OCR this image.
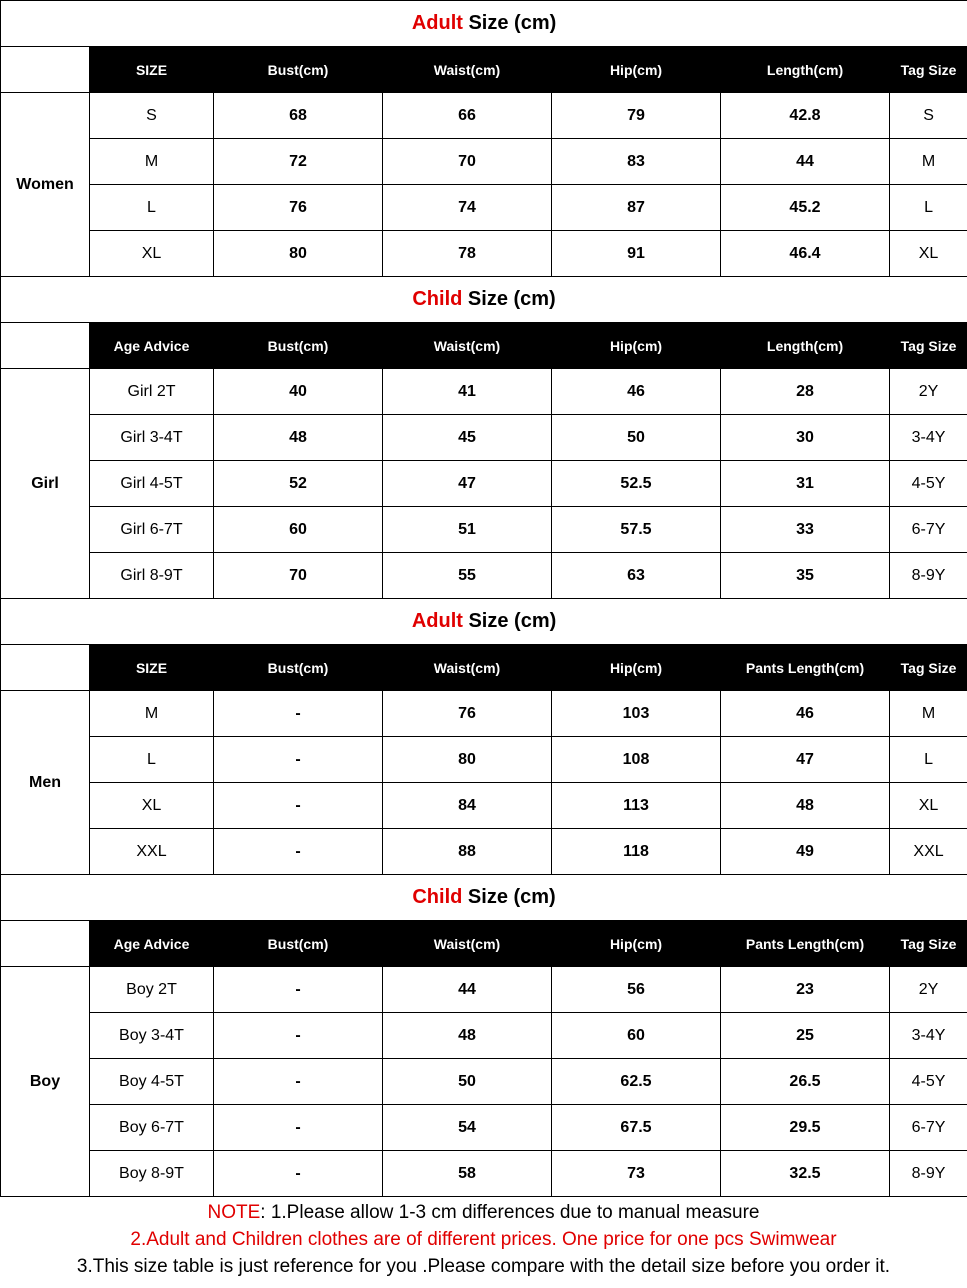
Adult Size (cm)						
	SIZE	Bust(cm)	Waist(cm)	Hip(cm)	Length(cm)	Tag Size
Women	S	68	66	79	42.8	S
	M	72	70	83	44	M
	L	76	74	87	45.2	L
	XL	80	78	91	46.4	XL
Child Size (cm)						
	Age Advice	Bust(cm)	Waist(cm)	Hip(cm)	Length(cm)	Tag Size
Girl	Girl 2T	40	41	46	28	2Y
	Girl 3-4T	48	45	50	30	3-4Y
	Girl 4-5T	52	47	52.5	31	4-5Y
	Girl 6-7T	60	51	57.5	33	6-7Y
	Girl 8-9T	70	55	63	35	8-9Y
Adult Size (cm)						
	SIZE	Bust(cm)	Waist(cm)	Hip(cm)	Pants Length(cm)	Tag Size
Men	M	-	76	103	46	M
	L	-	80	108	47	L
	XL	-	84	113	48	XL
	XXL	-	88	118	49	XXL
Child Size (cm)						
	Age Advice	Bust(cm)	Waist(cm)	Hip(cm)	Pants Length(cm)	Tag Size
Boy	Boy 2T	-	44	56	23	2Y
	Boy 3-4T	-	48	60	25	3-4Y
	Boy 4-5T	-	50	62.5	26.5	4-5Y
	Boy 6-7T	-	54	67.5	29.5	6-7Y
	Boy 8-9T	-	58	73	32.5	8-9Y
NOTE: 1.Please allow 1-3 cm differences due to manual measure
2.Adult and Children clothes are of different prices. One price for one pcs Swimwear
3.This size table is just reference for you .Please compare with the detail size before you order it.
